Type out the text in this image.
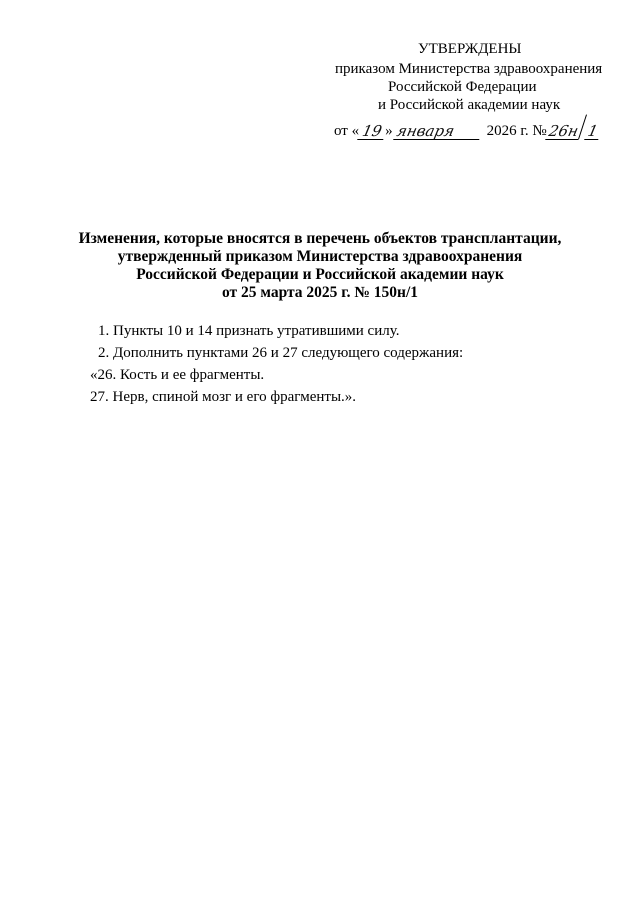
УТВЕРЖДЕНЫ
приказом Министерства здравоохранения
Российской Федерации
и Российской академии наук
от « 19 » января	2026 г. № 26н 1
Изменения, которые вносятся в перечень объектов трансплантации,
утвержденный приказом Министерства здравоохранения
Российской Федерации и Российской академии наук
от 25 марта 2025 г. № 150н/1
1. Пункты 10 и 14 признать утратившими силу.
2. Дополнить пунктами 26 и 27 следующего содержания:
«26. Кость и ее фрагменты.
27. Нерв, спиной мозг и его фрагменты.».
